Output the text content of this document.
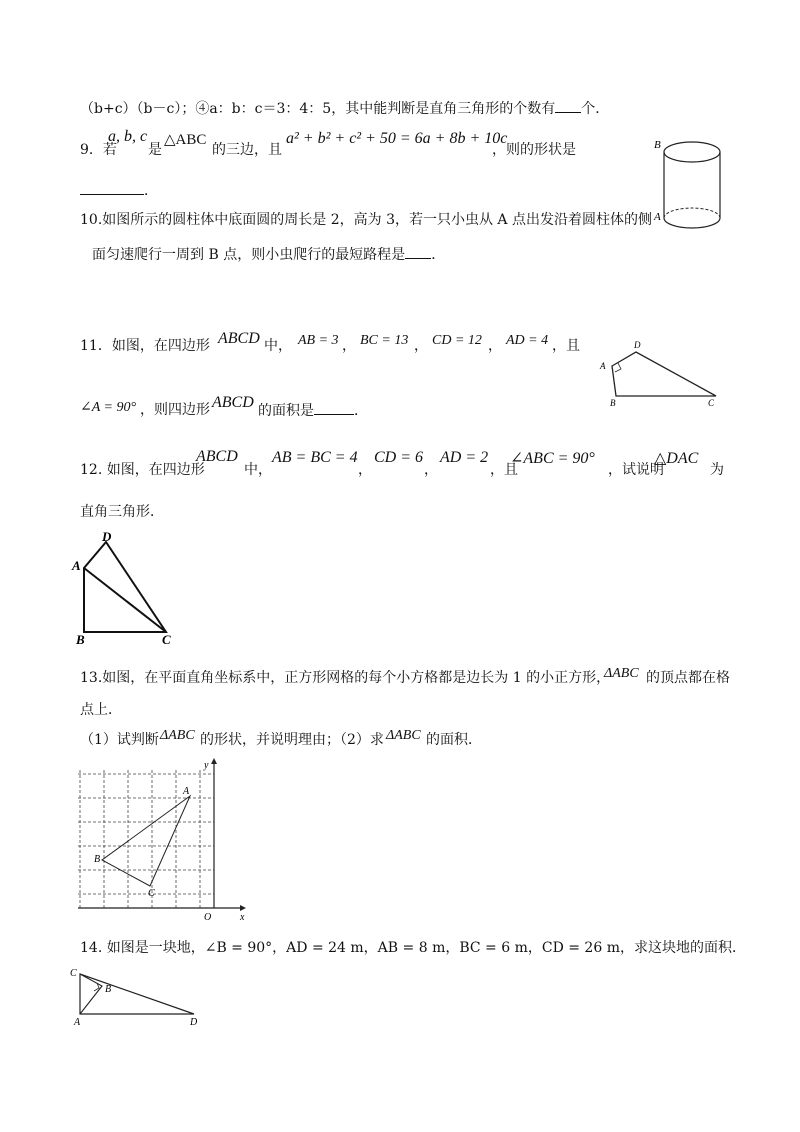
（b+c）（b－c）；④a：b：c＝3：4：5，其中能判断是直角三角形的个数有 个．
9．若
a, b, c
是
△ABC
的三边，且
a² + b² + c² + 50 = 6a + 8b + 10c
，则的形状是
．
B
A
10.如图所示的圆柱体中底面圆的周长是 2，高为 3，若一只小虫从 A 点出发沿着圆柱体的侧
面匀速爬行一周到 B 点，则小虫爬行的最短路程是 ．
11．如图，在四边形 ABCD 中， AB = 3 ， BC = 13 ， CD = 12 ， AD = 4 ，且
∠A = 90° ，则四边形 ABCD 的面积是	．
A
D
B	C
12. 如图，在四边形
ABCD
中，
AB = BC = 4
，
CD = 6
，
AD = 2
，且
∠ABC = 90°
，试说明
△DAC
为
直角三角形．
A
D
B	C
13.如图，在平面直角坐标系中，正方形网格的每个小方格都是边长为 1 的小正方形，
ΔABC 的顶点都在格
点上．
（1）试判断 ΔABC 的形状，并说明理由；（2）求 ΔABC 的面积．
A
B
C
O	x
y
14. 如图是一块地，∠B = 90°，AD = 24 m，AB = 8 m，BC = 6 m，CD = 26 m，求这块地的面积．
C
B
A	D
